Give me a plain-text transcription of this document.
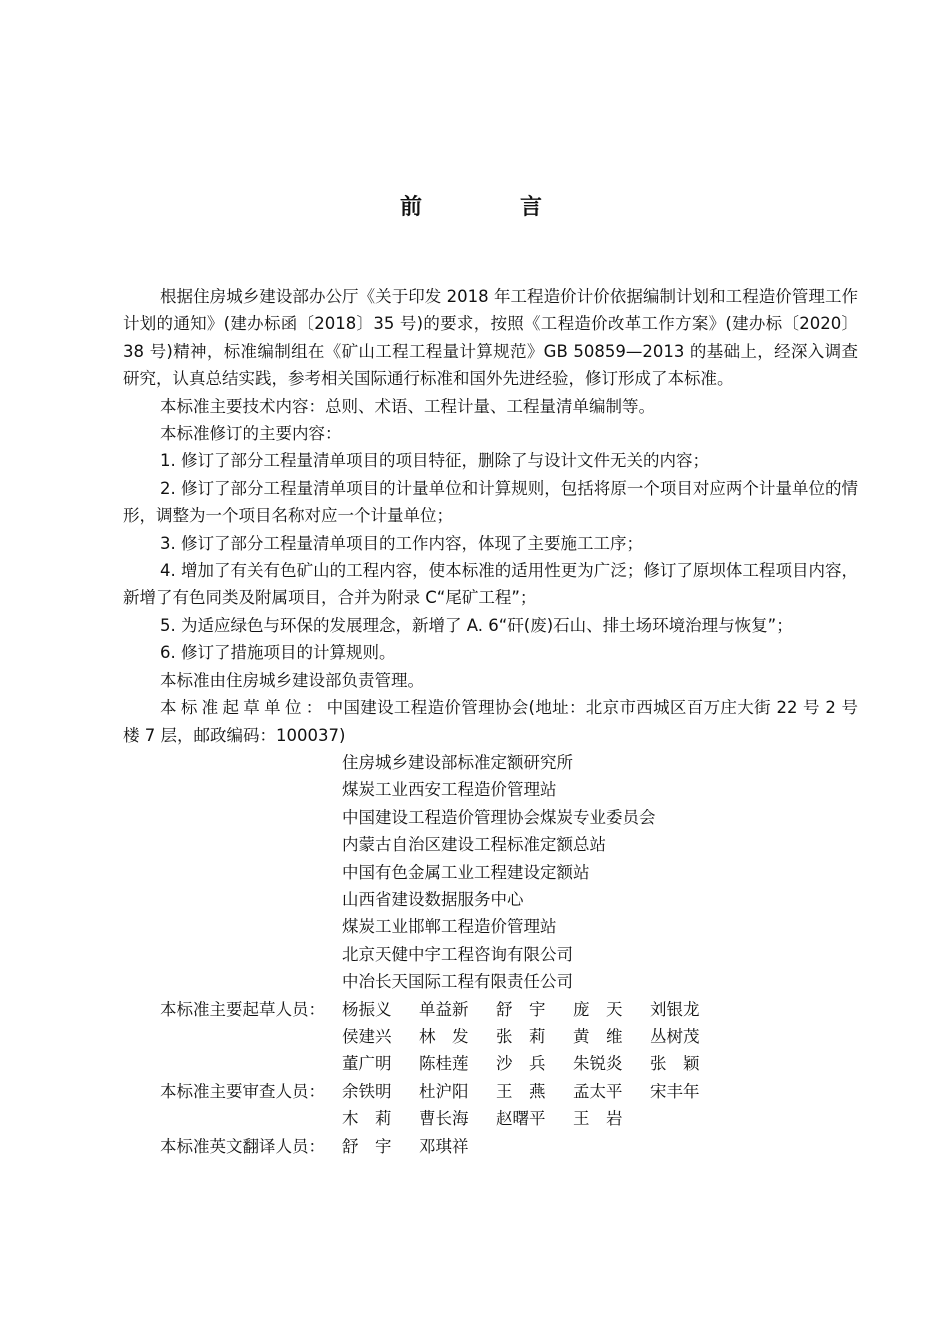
前　言

根据住房城乡建设部办公厅《关于印发 2018 年工程造价计价依据编制计划和工程造价管理工作计划的通知》(建办标函〔2018〕35 号)的要求，按照《工程造价改革工作方案》(建办标〔2020〕38 号)精神，标准编制组在《矿山工程工程量计算规范》GB 50859—2013 的基础上，经深入调查研究，认真总结实践，参考相关国际通行标准和国外先进经验，修订形成了本标准。

本标准主要技术内容：总则、术语、工程计量、工程量清单编制等。

本标准修订的主要内容：

1. 修订了部分工程量清单项目的项目特征，删除了与设计文件无关的内容；

2. 修订了部分工程量清单项目的计量单位和计算规则，包括将原一个项目对应两个计量单位的情形，调整为一个项目名称对应一个计量单位；

3. 修订了部分工程量清单项目的工作内容，体现了主要施工工序；

4. 增加了有关有色矿山的工程内容，使本标准的适用性更为广泛；修订了原坝体工程项目内容，新增了有色同类及附属项目，合并为附录 C“尾矿工程”；

5. 为适应绿色与环保的发展理念，新增了 A. 6“矸(废)石山、排土场环境治理与恢复”；

6. 修订了措施项目的计算规则。

本标准由住房城乡建设部负责管理。

本标准起草单位：中国建设工程造价管理协会(地址：北京市西城区百万庄大街 22 号 2 号楼 7 层，邮政编码：100037)

住房城乡建设部标准定额研究所
煤炭工业西安工程造价管理站
中国建设工程造价管理协会煤炭专业委员会
内蒙古自治区建设工程标准定额总站
中国有色金属工业工程建设定额站
山西省建设数据服务中心
煤炭工业邯郸工程造价管理站
北京天健中宇工程咨询有限公司
中冶长天国际工程有限责任公司
本标准主要起草人员：	杨振义	单益新	舒　宇	庞　天	刘银龙
侯建兴	林　发	张　莉	黄　维	丛树茂
董广明	陈桂莲	沙　兵	朱锐炎	张　颖
本标准主要审查人员：	余铁明	杜沪阳	王　燕	孟太平	宋丰年
木　莉	曹长海	赵曙平	王　岩
本标准英文翻译人员：	舒　宇	邓琪祥
